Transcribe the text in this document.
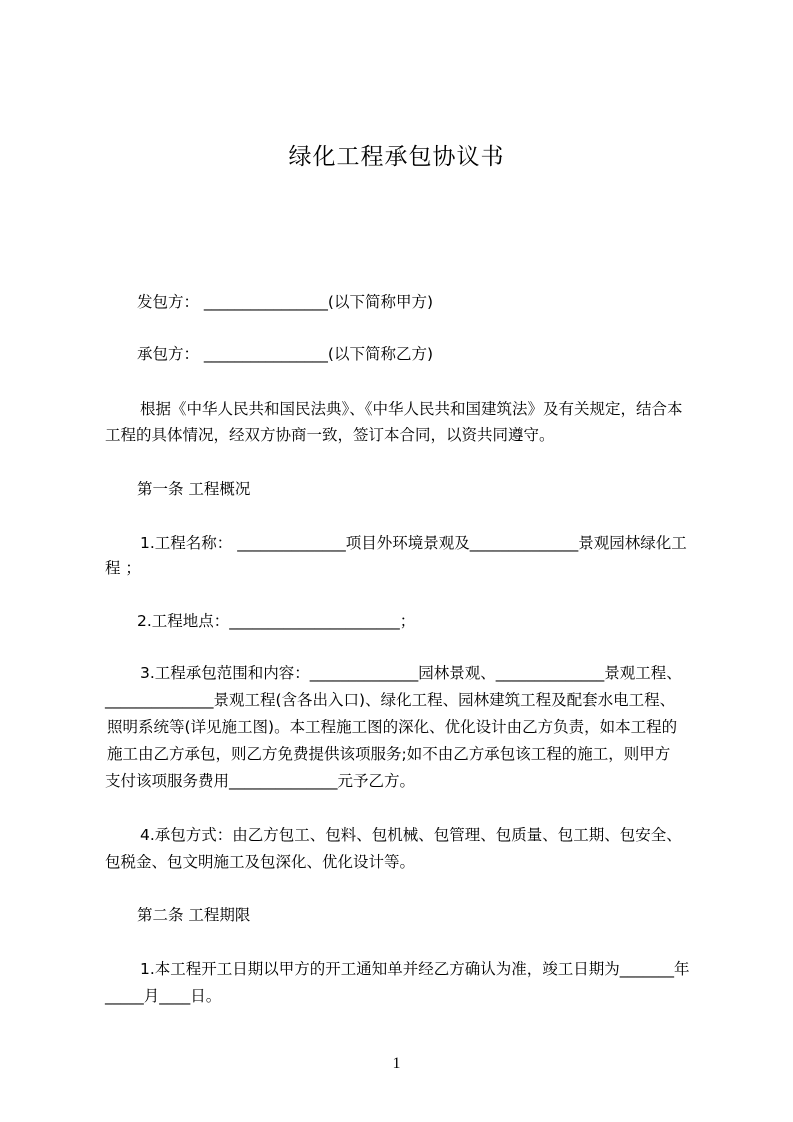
绿化工程承包协议书
发包方： ________________(以下简称甲方)
承包方： ________________(以下简称乙方)
根据《中华人民共和国民法典》、《中华人民共和国建筑法》及有关规定，结合本
工程的具体情况，经双方协商一致，签订本合同，以资共同遵守。
第一条 工程概况
1.工程名称： ______________项目外环境景观及______________景观园林绿化工
程 ；
2.工程地点：______________________；
3.工程承包范围和内容：______________园林景观、______________景观工程、
______________景观工程(含各出入口)、绿化工程、园林建筑工程及配套水电工程、
照明系统等(详见施工图)。本工程施工图的深化、优化设计由乙方负责，如本工程的
施工由乙方承包，则乙方免费提供该项服务;如不由乙方承包该工程的施工，则甲方
支付该项服务费用______________元予乙方。
4.承包方式：由乙方包工、包料、包机械、包管理、包质量、包工期、包安全、
包税金、包文明施工及包深化、优化设计等。
第二条 工程期限
1.本工程开工日期以甲方的开工通知单并经乙方确认为准，竣工日期为_______年
_____月____日。
1
